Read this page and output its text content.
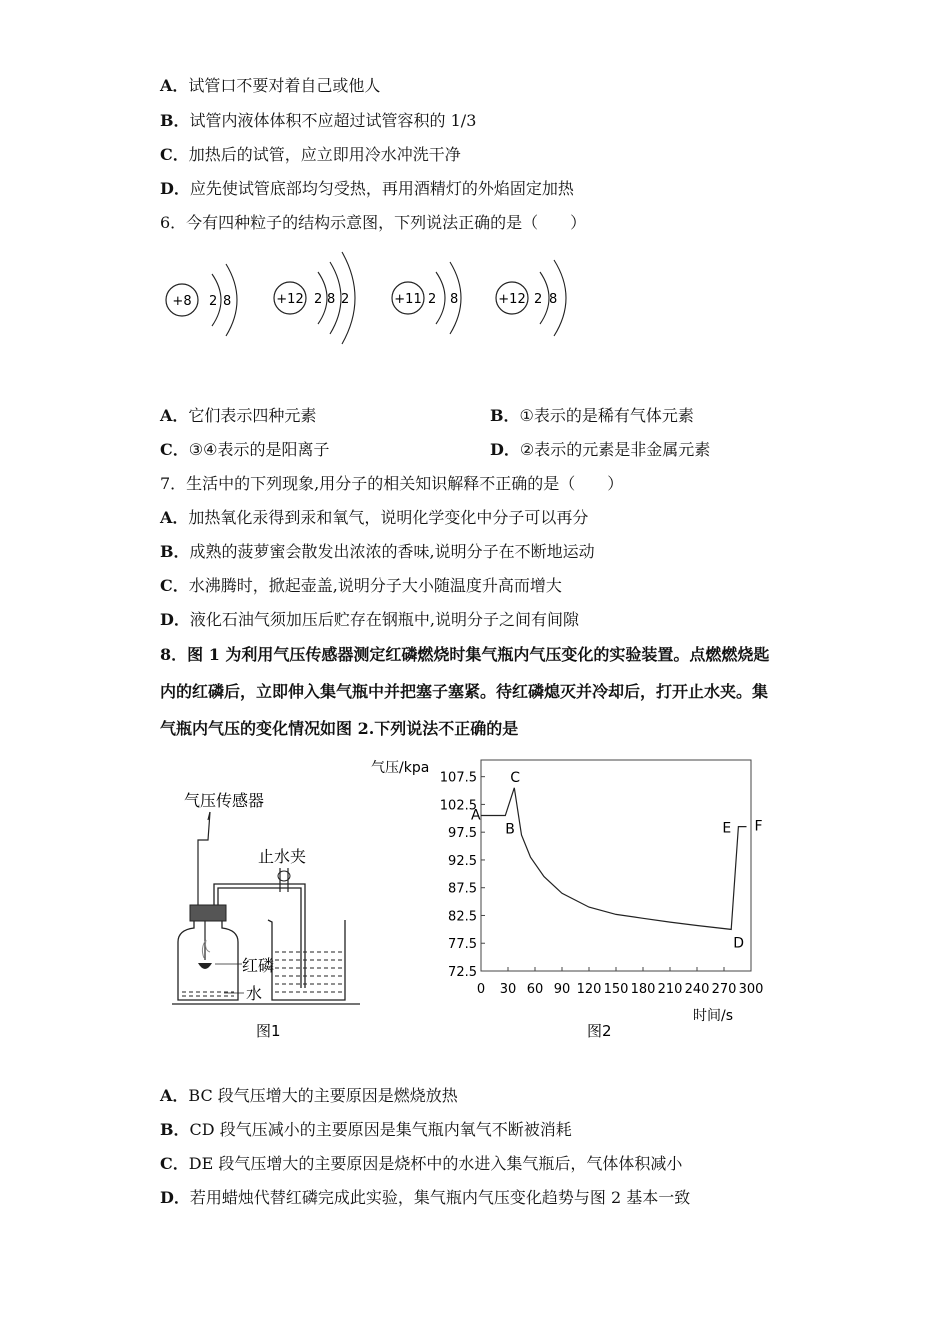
A．试管口不要对着自己或他人
B．试管内液体体积不应超过试管容积的 1/3
C．加热后的试管，应立即用冷水冲洗干净
D．应先使试管底部均匀受热，再用酒精灯的外焰固定加热
6．今有四种粒子的结构示意图，下列说法正确的是（　　）
+8 2 8	+12 2 8 2	+11 2 8	+12 2 8
A．它们表示四种元素	B．①表示的是稀有气体元素
C．③④表示的是阳离子	D．②表示的元素是非金属元素
7．生活中的下列现象,用分子的相关知识解释不正确的是（　　）
A．加热氧化汞得到汞和氧气，说明化学变化中分子可以再分
B．成熟的菠萝蜜会散发出浓浓的香味,说明分子在不断地运动
C．水沸腾时，掀起壶盖,说明分子大小随温度升高而增大
D．液化石油气须加压后贮存在钢瓶中,说明分子之间有间隙
8．图 1 为利用气压传感器测定红磷燃烧时集气瓶内气压变化的实验装置。点燃燃烧匙
内的红磷后，立即伸入集气瓶中并把塞子塞紧。待红磷熄灭并冷却后，打开止水夹。集
气瓶内气压的变化情况如图 2.下列说法不正确的是
气压传感器
红磷
水
止水夹
图1
气压/kpa
72.5
77.5
82.5
87.5
92.5
97.5
102.5
107.5
0 30 60 90 120 150 180 210 240 270 300
A
B
C
D
E F
时间/s
图2
A．BC 段气压增大的主要原因是燃烧放热
B．CD 段气压减小的主要原因是集气瓶内氧气不断被消耗
C．DE 段气压增大的主要原因是烧杯中的水进入集气瓶后，气体体积减小
D．若用蜡烛代替红磷完成此实验，集气瓶内气压变化趋势与图 2 基本一致
